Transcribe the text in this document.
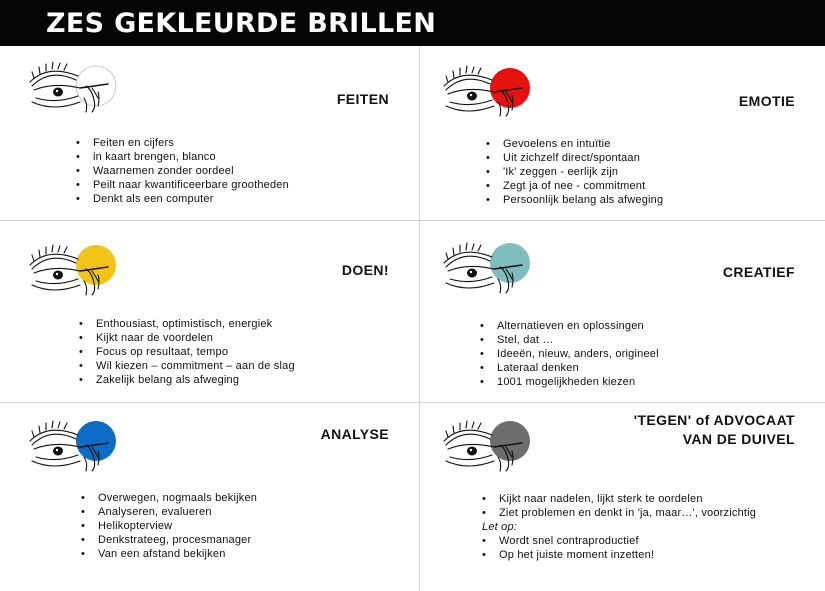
ZES GEKLEURDE BRILLEN
FEITEN
• Feiten en cijfers
• in kaart brengen, blanco
• Waarnemen zonder oordeel
• Peilt naar kwantificeerbare grootheden
• Denkt als een computer
EMOTIE
• Gevoelens en intuïtie
• Uit zichzelf direct/spontaan
• 'Ik' zeggen - eerlijk zijn
• Zegt ja of nee - commitment
• Persoonlijk belang als afweging
DOEN!
• Enthousiast, optimistisch, energiek
• Kijkt naar de voordelen
• Focus op resultaat, tempo
• Wil kiezen – commitment – aan de slag
• Zakelijk belang als afweging
CREATIEF
• Alternatieven en oplossingen
• Stel, dat …
• Ideeën, nieuw, anders, origineel
• Lateraal denken
• 1001 mogelijkheden kiezen
ANALYSE
• Overwegen, nogmaals bekijken
• Analyseren, evalueren
• Helikopterview
• Denkstrateeg, procesmanager
• Van een afstand bekijken
'TEGEN' of ADVOCAAT
VAN DE DUIVEL
• Kijkt naar nadelen, lijkt sterk te oordelen
• Ziet problemen en denkt in 'ja, maar…', voorzichtig
Let op:
• Wordt snel contraproductief
• Op het juiste moment inzetten!
